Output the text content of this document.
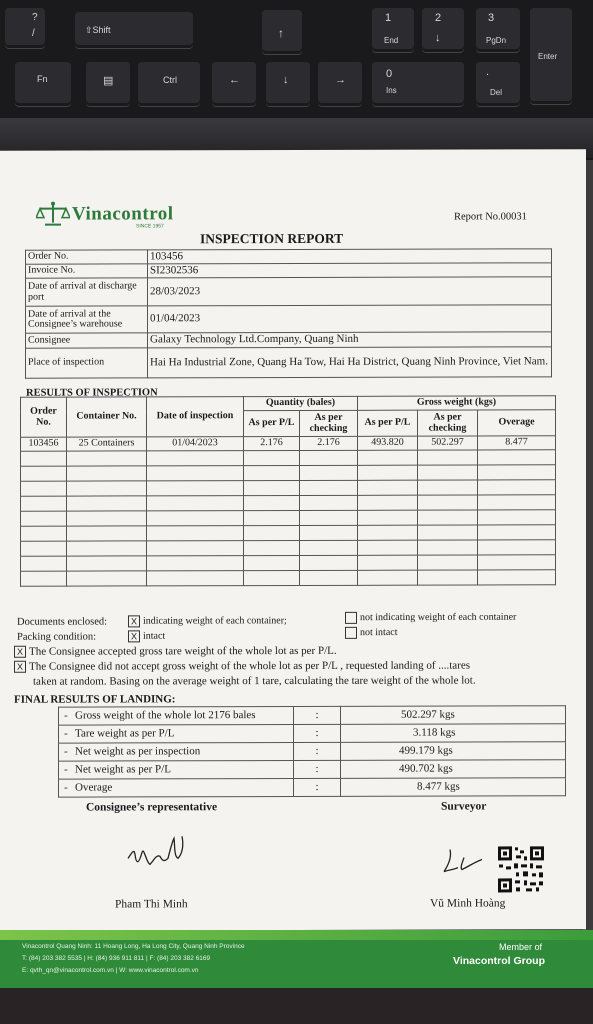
?
/	⇧Shift	↑
1
End
2
↓
3
PgDn
Enter
Fn	▤	Ctrl	←	↓	→	0
Ins
.
Del
Vinacontrol
SINCE 1957
Report No.00031
INSPECTION REPORT
Order No.	103456
Invoice No.	SI2302536
Date of arrival at discharge port	28/03/2023
Date of arrival at the Consignee’s warehouse	01/04/2023
Consignee	Galaxy Technology Ltd.Company, Quang Ninh
Place of inspection	Hai Ha Industrial Zone, Quang Ha Tow, Hai Ha District, Quang Ninh Province, Viet Nam.
RESULTS OF INSPECTION
Order No.	Container No.	Date of inspection	Quantity (bales)		Gross weight (kgs)		
			As per P/L	As per checking	As per P/L	As per checking	Overage
103456	25 Containers	01/04/2023	2.176	2.176	493.820	502.297	8.477

Documents enclosed:	X indicating weight of each container;	not indicating weight of each container
Packing condition:	X intact	not intact
X The Consignee accepted gross tare weight of the whole lot as per P/L.
X The Consignee did not accept gross weight of the whole lot as per P/L , requested landing of ....tares
taken at random. Basing on the average weight of 1 tare, calculating the tare weight of the whole lot.
FINAL RESULTS OF LANDING:
-	Gross weight of the whole lot 2176 bales	:	502.297 kgs
-	Tare weight as per P/L	:	3.118 kgs
-	Net weight as per inspection	:	499.179 kgs
-	Net weight as per P/L	:	490.702 kgs
-	Overage	:	8.477 kgs
Consignee’s representative	Surveyor
Pham Thi Minh	Vũ Minh Hoàng
Vinacontrol Quang Ninh: 11 Hoang Long, Ha Long City, Quang Ninh Province
T: (84) 203 382 5535 | H: (84) 936 911 811 | F: (84) 203 382 6169
E: qvth_qn@vinacontrol.com.vn | W: www.vinacontrol.com.vn
Member of
Vinacontrol Group
